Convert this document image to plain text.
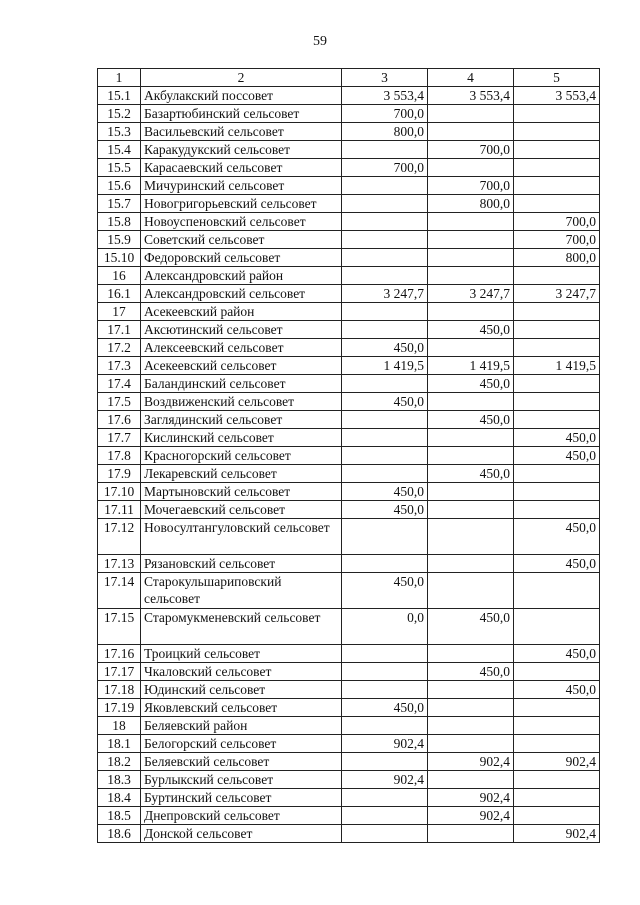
59
1	2	3	4	5
15.1	Акбулакский поссовет	3 553,4	3 553,4	3 553,4
15.2	Базартюбинский сельсовет	700,0		
15.3	Васильевский сельсовет	800,0		
15.4	Каракудукский сельсовет		700,0	
15.5	Карасаевский сельсовет	700,0		
15.6	Мичуринский сельсовет		700,0	
15.7	Новогригорьевский сельсовет		800,0	
15.8	Новоуспеновский сельсовет			700,0
15.9	Советский сельсовет			700,0
15.10	Федоровский сельсовет			800,0
16	Александровский район			
16.1	Александровский сельсовет	3 247,7	3 247,7	3 247,7
17	Асекеевский район			
17.1	Аксютинский сельсовет		450,0	
17.2	Алексеевский сельсовет	450,0		
17.3	Асекеевский сельсовет	1 419,5	1 419,5	1 419,5
17.4	Баландинский сельсовет		450,0	
17.5	Воздвиженский сельсовет	450,0		
17.6	Заглядинский сельсовет		450,0	
17.7	Кислинский сельсовет			450,0
17.8	Красногорский сельсовет			450,0
17.9	Лекаревский сельсовет		450,0	
17.10	Мартыновский сельсовет	450,0		
17.11	Мочегаевский сельсовет	450,0		
17.12	Новосултангуловский сельсовет			450,0
17.13	Рязановский сельсовет			450,0
17.14	Старокульшариповский сельсовет	450,0		
17.15	Старомукменевский сельсовет	0,0	450,0	
17.16	Троицкий сельсовет			450,0
17.17	Чкаловский сельсовет		450,0	
17.18	Юдинский сельсовет			450,0
17.19	Яковлевский сельсовет	450,0		
18	Беляевский район			
18.1	Белогорский сельсовет	902,4		
18.2	Беляевский сельсовет		902,4	902,4
18.3	Бурлыкский сельсовет	902,4		
18.4	Буртинский сельсовет		902,4	
18.5	Днепровский сельсовет		902,4	
18.6	Донской сельсовет			902,4
